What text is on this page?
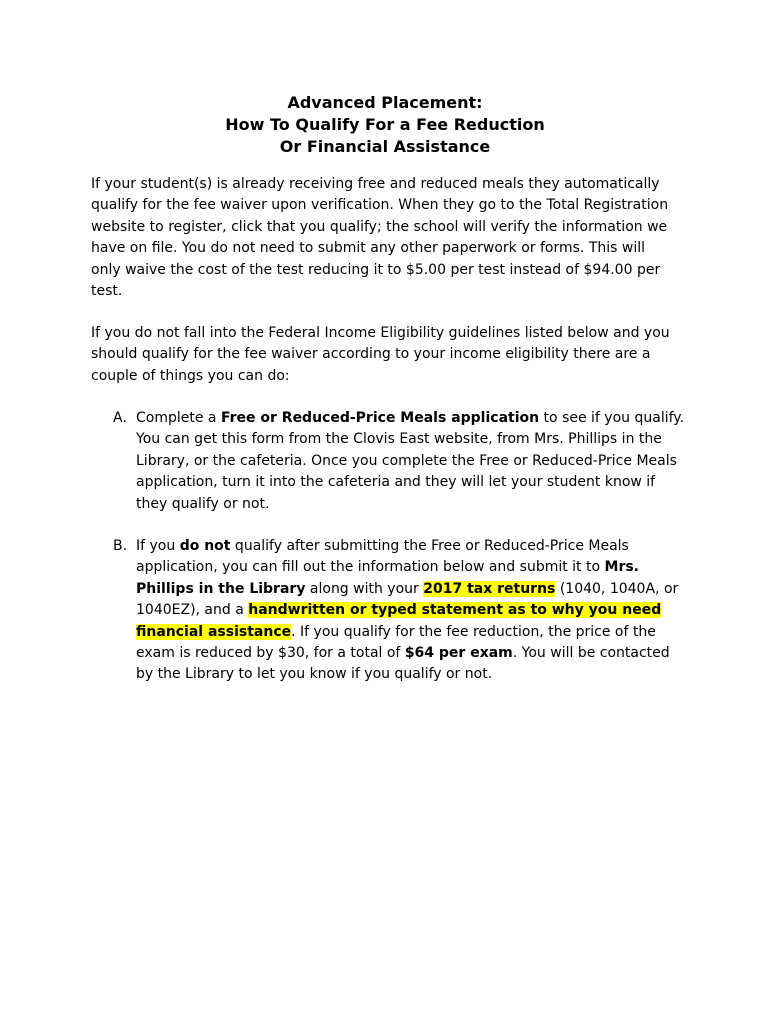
Advanced Placement:
How To Qualify For a Fee Reduction
Or Financial Assistance

If your student(s) is already receiving free and reduced meals they automatically qualify for the fee waiver upon verification. When they go to the Total Registration website to register, click that you qualify; the school will verify the information we have on file. You do not need to submit any other paperwork or forms. This will only waive the cost of the test reducing it to $5.00 per test instead of $94.00 per test.

If you do not fall into the Federal Income Eligibility guidelines listed below and you should qualify for the fee waiver according to your income eligibility there are a couple of things you can do:

A. Complete a Free or Reduced-Price Meals application to see if you qualify. You can get this form from the Clovis East website, from Mrs. Phillips in the Library, or the cafeteria. Once you complete the Free or Reduced-Price Meals application, turn it into the cafeteria and they will let your student know if they qualify or not.
B. If you do not qualify after submitting the Free or Reduced-Price Meals application, you can fill out the information below and submit it to Mrs. Phillips in the Library along with your 2017 tax returns (1040, 1040A, or 1040EZ), and a handwritten or typed statement as to why you need financial assistance. If you qualify for the fee reduction, the price of the exam is reduced by $30, for a total of $64 per exam. You will be contacted by the Library to let you know if you qualify or not.
